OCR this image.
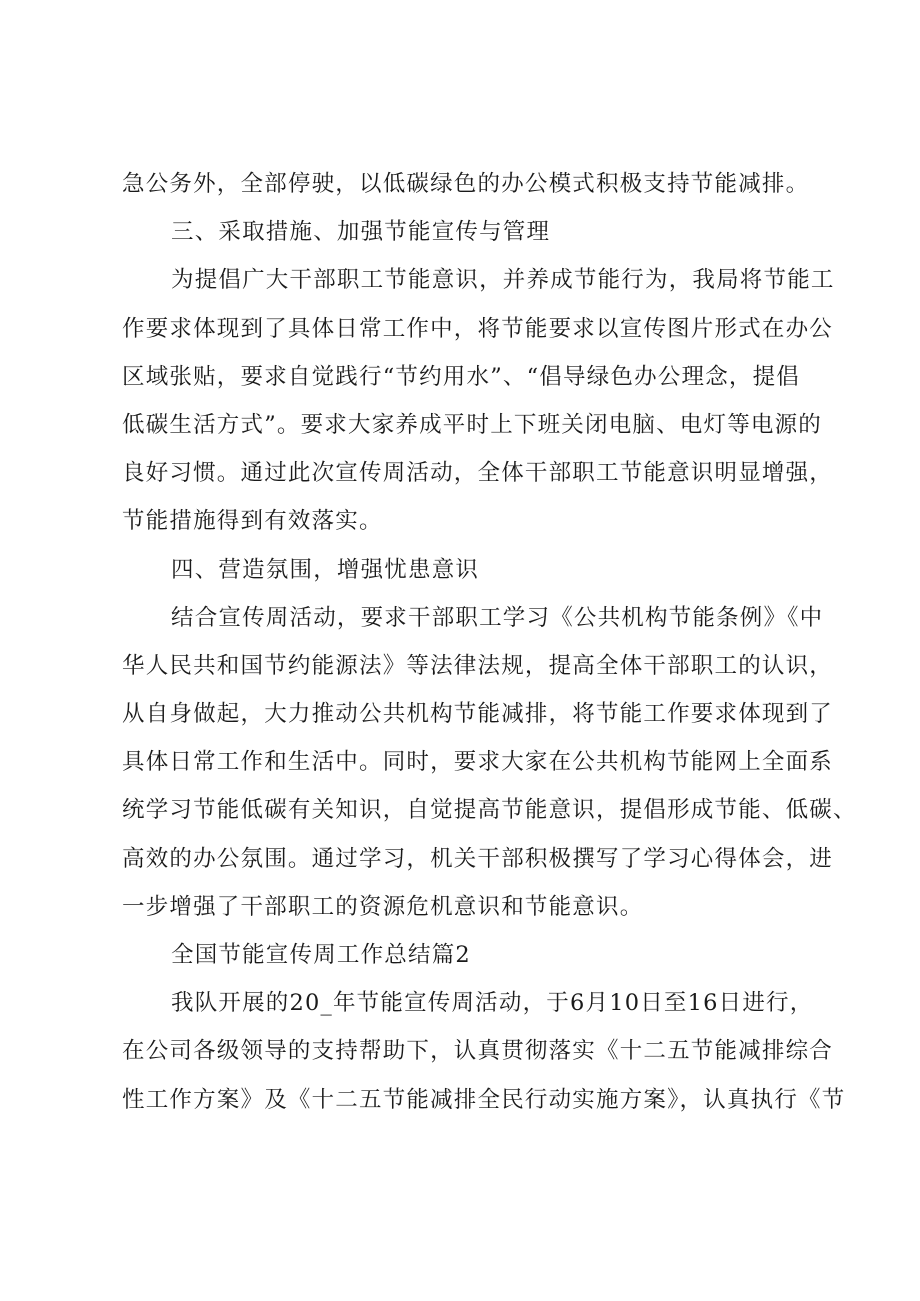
急公务外，全部停驶，以低碳绿色的办公模式积极支持节能减排。
三、采取措施、加强节能宣传与管理
为提倡广大干部职工节能意识，并养成节能行为，我局将节能工
作要求体现到了具体日常工作中，将节能要求以宣传图片形式在办公
区域张贴，要求自觉践行“节约用水”、“倡导绿色办公理念，提倡
低碳生活方式”。要求大家养成平时上下班关闭电脑、电灯等电源的
良好习惯。通过此次宣传周活动，全体干部职工节能意识明显增强，
节能措施得到有效落实。
四、营造氛围，增强忧患意识
结合宣传周活动，要求干部职工学习《公共机构节能条例》《中
华人民共和国节约能源法》等法律法规，提高全体干部职工的认识，
从自身做起，大力推动公共机构节能减排，将节能工作要求体现到了
具体日常工作和生活中。同时，要求大家在公共机构节能网上全面系
统学习节能低碳有关知识，自觉提高节能意识，提倡形成节能、低碳、
高效的办公氛围。通过学习，机关干部积极撰写了学习心得体会，进
一步增强了干部职工的资源危机意识和节能意识。
全国节能宣传周工作总结篇2
我队开展的20_年节能宣传周活动，于6月10日至16日进行，
在公司各级领导的支持帮助下，认真贯彻落实《十二五节能减排综合
性工作方案》及《十二五节能减排全民行动实施方案》，认真执行《节
